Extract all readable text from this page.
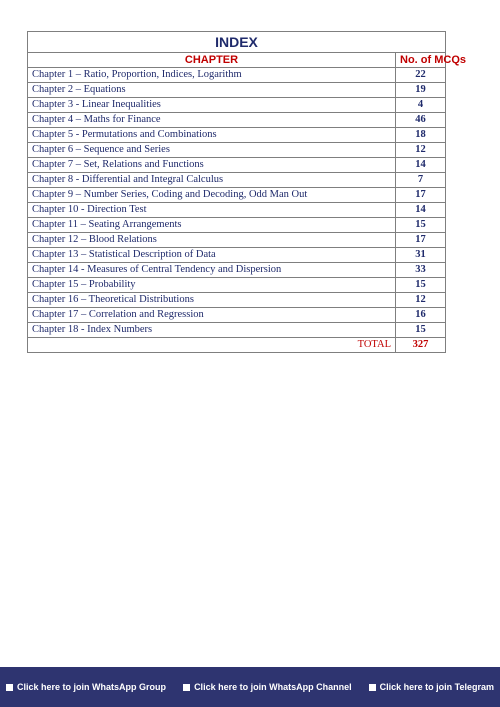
INDEX	
CHAPTER	No. of MCQs
Chapter 1 – Ratio, Proportion, Indices, Logarithm	22
Chapter 2 – Equations	19
Chapter 3 - Linear Inequalities	4
Chapter 4 – Maths for Finance	46
Chapter 5 - Permutations and Combinations	18
Chapter 6 – Sequence and Series	12
Chapter 7 – Set, Relations and Functions	14
Chapter 8 - Differential and Integral Calculus	7
Chapter 9 – Number Series, Coding and Decoding, Odd Man Out	17
Chapter 10 - Direction Test	14
Chapter 11 – Seating Arrangements	15
Chapter 12 – Blood Relations	17
Chapter 13 – Statistical Description of Data	31
Chapter 14 - Measures of Central Tendency and Dispersion	33
Chapter 15 – Probability	15
Chapter 16 – Theoretical Distributions	12
Chapter 17 – Correlation and Regression	16
Chapter 18 - Index Numbers	15
TOTAL	327
Click here to join WhatsApp Group	Click here to join WhatsApp Channel	Click here to join Telegram
